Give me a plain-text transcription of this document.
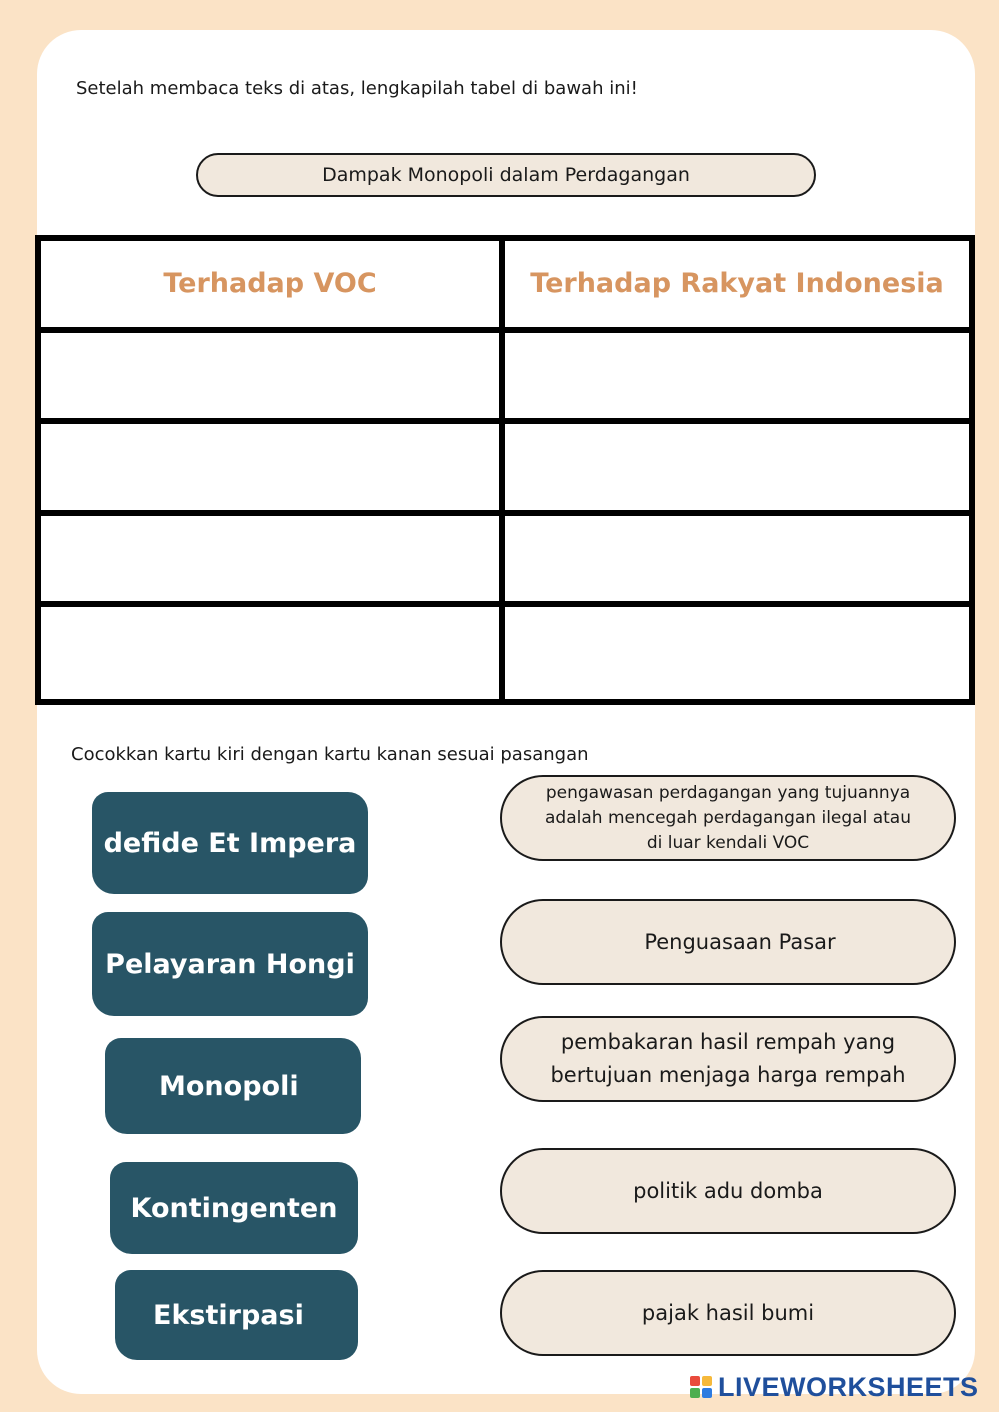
Setelah membaca teks di atas, lengkapilah tabel di bawah ini!
Dampak Monopoli dalam Perdagangan
Terhadap VOC	Terhadap Rakyat Indonesia
Cocokkan kartu kiri dengan kartu kanan sesuai pasangan
defide Et Impera
Pelayaran Hongi
Monopoli
Kontingenten
Ekstirpasi
pengawasan perdagangan yang tujuannya
adalah mencegah perdagangan ilegal atau
di luar kendali VOC
Penguasaan Pasar
pembakaran hasil rempah yang
bertujuan menjaga harga rempah
politik adu domba
pajak hasil bumi
LIVEWORKSHEETS
